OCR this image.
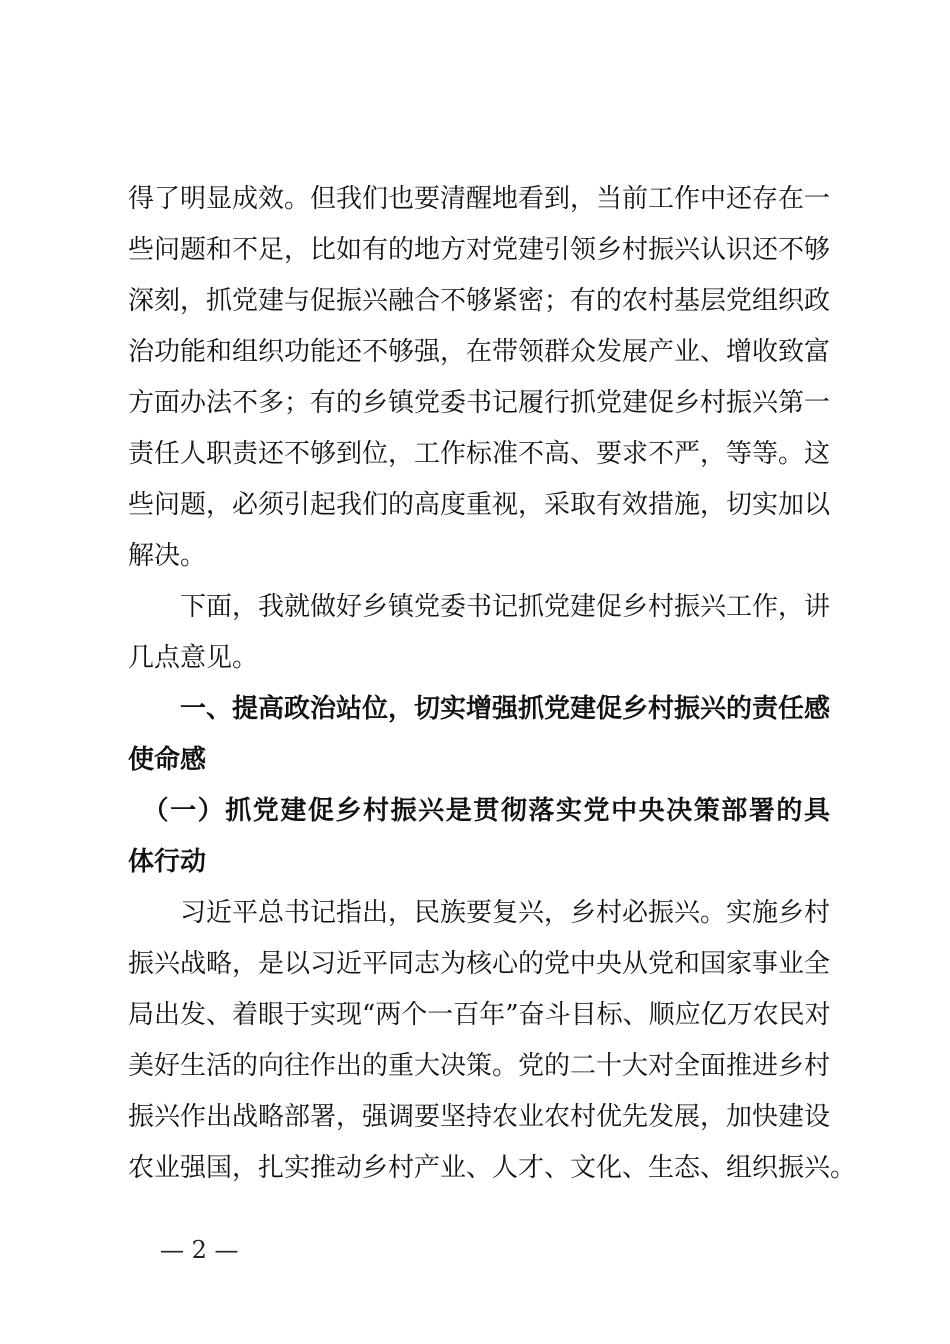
得了明显成效。但我们也要清醒地看到，当前工作中还存在一
些问题和不足，比如有的地方对党建引领乡村振兴认识还不够
深刻，抓党建与促振兴融合不够紧密；有的农村基层党组织政
治功能和组织功能还不够强，在带领群众发展产业、增收致富
方面办法不多；有的乡镇党委书记履行抓党建促乡村振兴第一
责任人职责还不够到位，工作标准不高、要求不严，等等。这
些问题，必须引起我们的高度重视，采取有效措施，切实加以
解决。
　　下面，我就做好乡镇党委书记抓党建促乡村振兴工作，讲
几点意见。
　　一、提高政治站位，切实增强抓党建促乡村振兴的责任感
使命感
　（一）抓党建促乡村振兴是贯彻落实党中央决策部署的具
体行动
　　习近平总书记指出，民族要复兴，乡村必振兴。实施乡村
振兴战略，是以习近平同志为核心的党中央从党和国家事业全
局出发、着眼于实现“两个一百年”奋斗目标、顺应亿万农民对
美好生活的向往作出的重大决策。党的二十大对全面推进乡村
振兴作出战略部署，强调要坚持农业农村优先发展，加快建设
农业强国，扎实推动乡村产业、人才、文化、生态、组织振兴。
— 2 —
